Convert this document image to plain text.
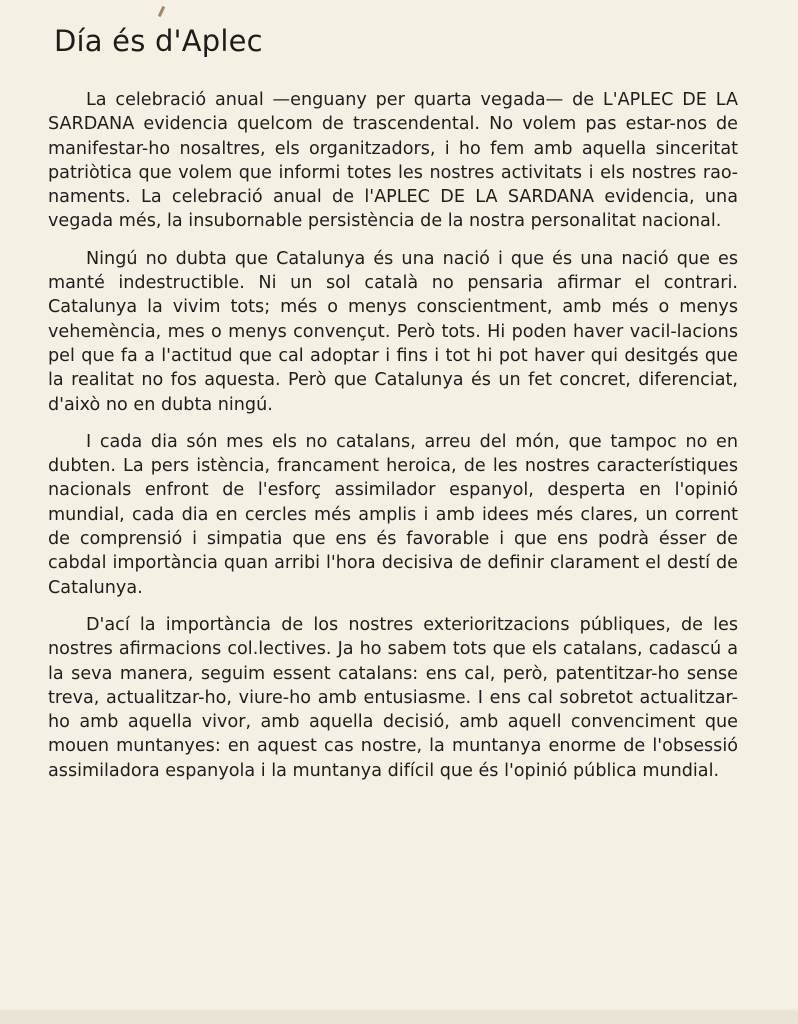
Día és d'Aplec

La celebració anual —enguany per quarta vegada— de L'APLEC DE LA SARDANA evidencia quelcom de trascendental. No volem pas estar-nos de manifestar-ho nosaltres, els organitzadors, i ho fem amb aquella sinceritat patriòtica que volem que informi totes les nostres activitats i els nostres raonaments. La celebració anual de l'APLEC DE LA SARDANA evidencia, una vegada més, la insubornable persistència de la nostra personalitat nacional.

Ningú no dubta que Catalunya és una nació i que és una nació que es manté indestructible. Ni un sol català no pensaria afirmar el contrari. Catalunya la vivim tots; més o menys conscientment, amb més o menys vehemència, mes o menys convençut. Però tots. Hi poden haver vacil-lacions pel que fa a l'actitud que cal adoptar i fins i tot hi pot haver qui desitgés que la realitat no fos aquesta. Però que Catalunya és un fet concret, diferenciat, d'això no en dubta ningú.

I cada dia són mes els no catalans, arreu del món, que tampoc no en dubten. La pers istència, francament heroica, de les nostres característiques nacionals enfront de l'esforç assimilador espanyol, desperta en l'opinió mundial, cada dia en cercles més amplis i amb idees més clares, un corrent de comprensió i simpatia que ens és favorable i que ens podrà ésser de cabdal importància quan arribi l'hora decisiva de definir clarament el destí de Catalunya.

D'ací la importància de los nostres exterioritzacions públiques, de les nostres afirmacions col.lectives. Ja ho sabem tots que els catalans, cadascú a la seva manera, seguim essent catalans: ens cal, però, patentitzar-ho sense treva, actualitzar-ho, viure-ho amb entusiasme. I ens cal sobretot actualitzar-ho amb aquella vivor, amb aquella decisió, amb aquell convenciment que mouen muntanyes: en aquest cas nostre, la muntanya enorme de l'obsessió assimiladora espanyola i la muntanya difícil que és l'opinió pública mundial.
